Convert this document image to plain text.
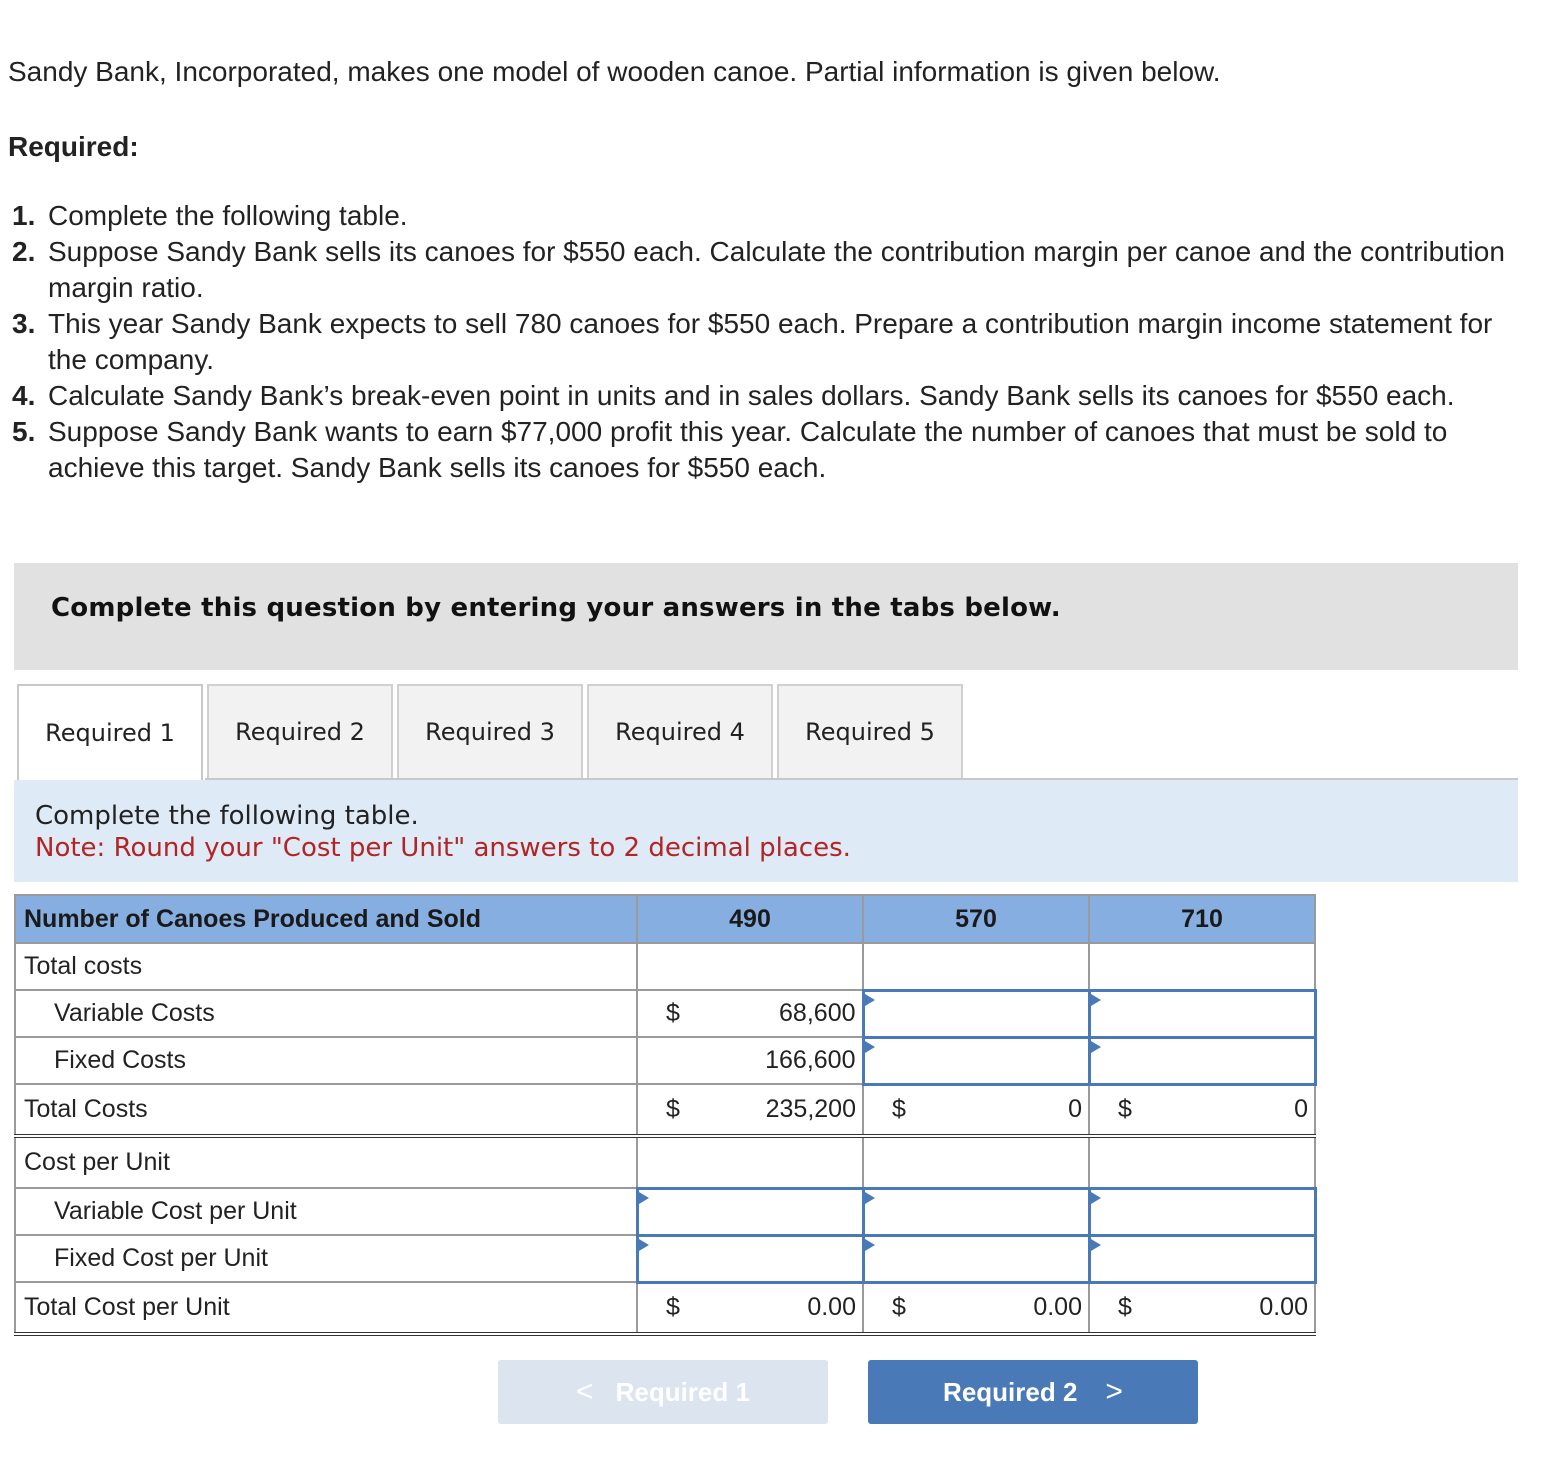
Sandy Bank, Incorporated, makes one model of wooden canoe. Partial information is given below.
Required:
1. Complete the following table.
2. Suppose Sandy Bank sells its canoes for $550 each. Calculate the contribution margin per canoe and the contribution margin ratio.
3. This year Sandy Bank expects to sell 780 canoes for $550 each. Prepare a contribution margin income statement for the company.
4. Calculate Sandy Bank’s break-even point in units and in sales dollars. Sandy Bank sells its canoes for $550 each.
5. Suppose Sandy Bank wants to earn $77,000 profit this year. Calculate the number of canoes that must be sold to achieve this target. Sandy Bank sells its canoes for $550 each.
Complete this question by entering your answers in the tabs below.
Required 1	Required 2	Required 3	Required 4	Required 5
Complete the following table.
Note: Round your "Cost per Unit" answers to 2 decimal places.
Number of Canoes Produced and Sold	490	570	710
Total costs			
Variable Costs	$ 68,600		

Fixed Costs	166,600		

Total Costs	$ 235,200	$ 0	$ 0

Cost per Unit			
Variable Cost per Unit			
Fixed Cost per Unit			
Total Cost per Unit	$ 0.00	$ 0.00	$ 0.00
< Required 1	Required 2 >
